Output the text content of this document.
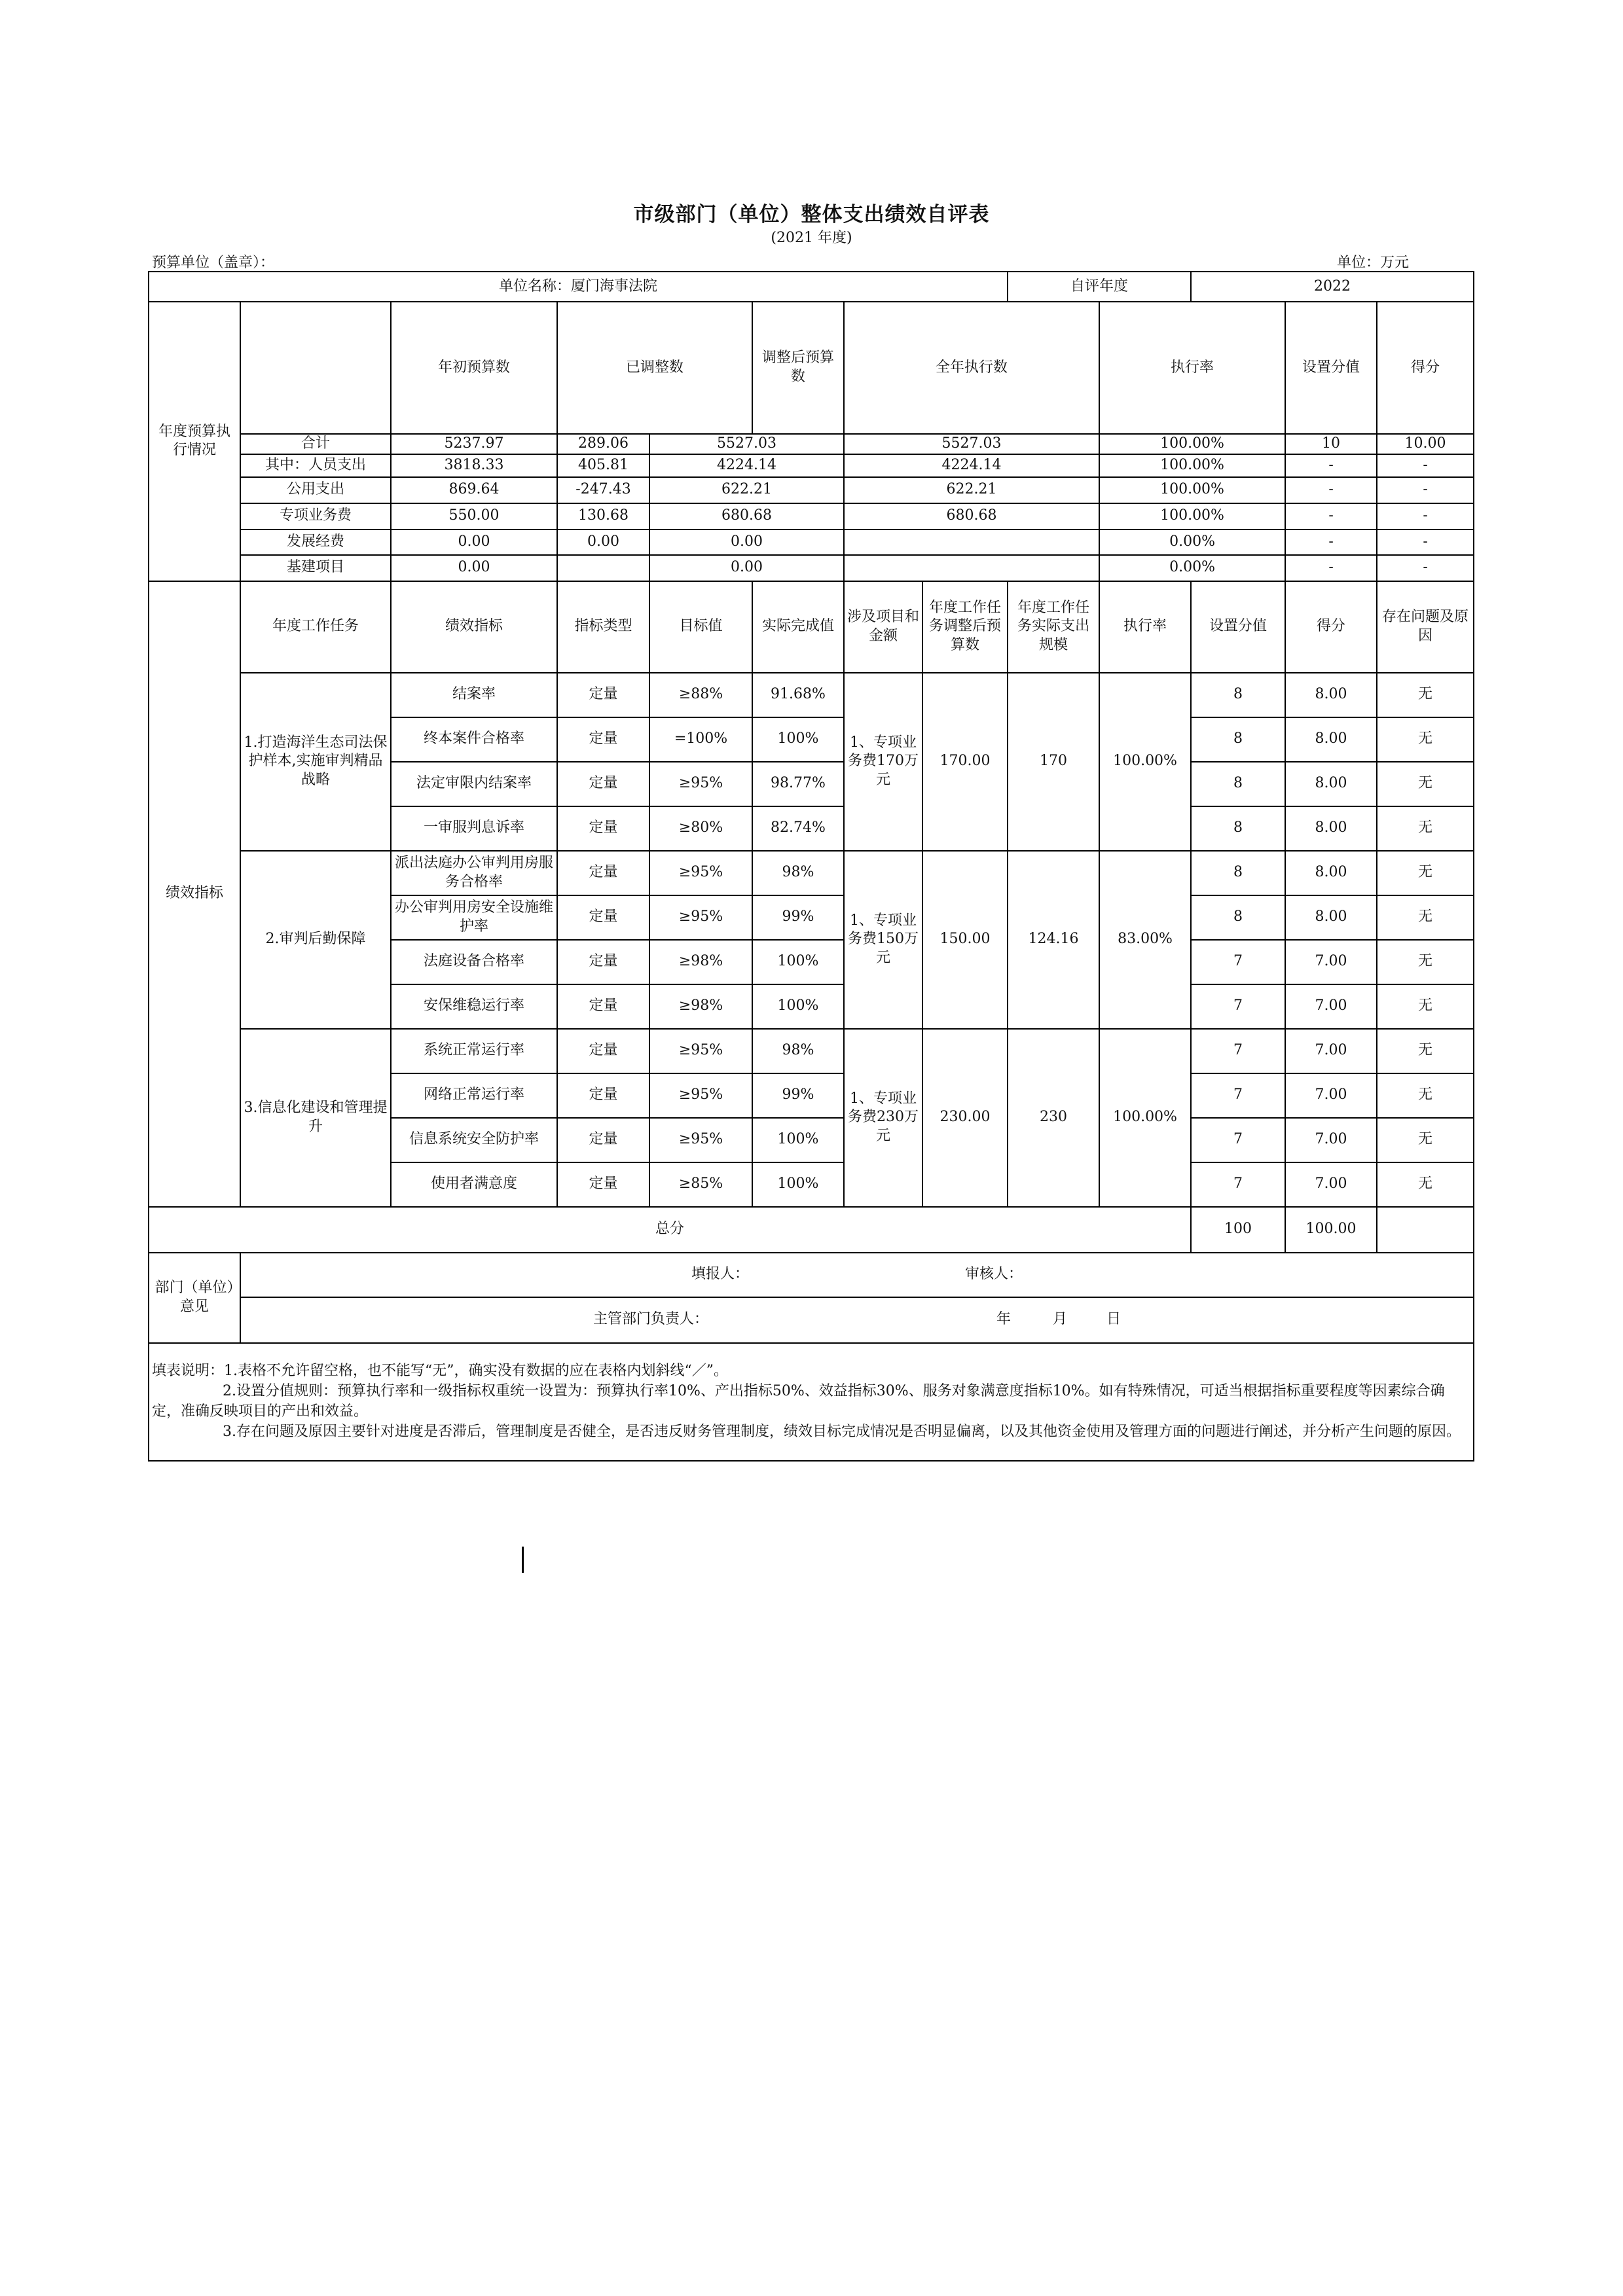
市级部门（单位）整体支出绩效自评表
(2021 年度)
预算单位（盖章）：	单位：万元
单位名称：厦门海事法院								自评年度		2022			
年度预算执行情况		年初预算数	已调整数		调整后预算数	全年执行数			执行率		设置分值	得分	
	合计	5237.97	289.06	5527.03		5527.03			100.00%		10	10.00	
	其中：人员支出	3818.33	405.81	4224.14		4224.14			100.00%		-	-	
	公用支出	869.64	-247.43	622.21		622.21			100.00%		-	-	
	专项业务费	550.00	130.68	680.68		680.68			100.00%		-	-	
	发展经费	0.00	0.00	0.00					0.00%		-	-	
	基建项目	0.00		0.00					0.00%		-	-	
绩效指标	年度工作任务	绩效指标	指标类型	目标值	实际完成值	涉及项目和金额	年度工作任务调整后预算数	年度工作任务实际支出规模	执行率	设置分值	得分	存在问题及原因	
	1.打造海洋生态司法保护样本,实施审判精品战略	结案率	定量	≥88%	91.68%	1、专项业务费170万元	170.00	170	100.00%	8	8.00	无	
		终本案件合格率	定量	=100%	100%					8	8.00	无	
		法定审限内结案率	定量	≥95%	98.77%					8	8.00	无	
		一审服判息诉率	定量	≥80%	82.74%					8	8.00	无	
	2.审判后勤保障	派出法庭办公审判用房服务合格率	定量	≥95%	98%	1、专项业务费150万元	150.00	124.16	83.00%	8	8.00	无	
		办公审判用房安全设施维护率	定量	≥95%	99%					8	8.00	无	
		法庭设备合格率	定量	≥98%	100%					7	7.00	无	
		安保维稳运行率	定量	≥98%	100%					7	7.00	无	
	3.信息化建设和管理提升	系统正常运行率	定量	≥95%	98%	1、专项业务费230万元	230.00	230	100.00%	7	7.00	无	
		网络正常运行率	定量	≥95%	99%					7	7.00	无	
		信息系统安全防护率	定量	≥95%	100%					7	7.00	无	
		使用者满意度	定量	≥85%	100%					7	7.00	无	
总分										100	100.00		
部门（单位）意见	填报人： 审核人：												
	主管部门负责人： 年 月 日												

填表说明：1.表格不允许留空格，也不能写“无”，确实没有数据的应在表格内划斜线“／”。

2.设置分值规则：预算执行率和一级指标权重统一设置为：预算执行率10%、产出指标50%、效益指标30%、服务对象满意度指标10%。如有特殊情况，可适当根据指标重要程度等因素综合确定，准确反映项目的产出和效益。

3.存在问题及原因主要针对进度是否滞后，管理制度是否健全，是否违反财务管理制度，绩效目标完成情况是否明显偏离，以及其他资金使用及管理方面的问题进行阐述，并分析产生问题的原因。													
